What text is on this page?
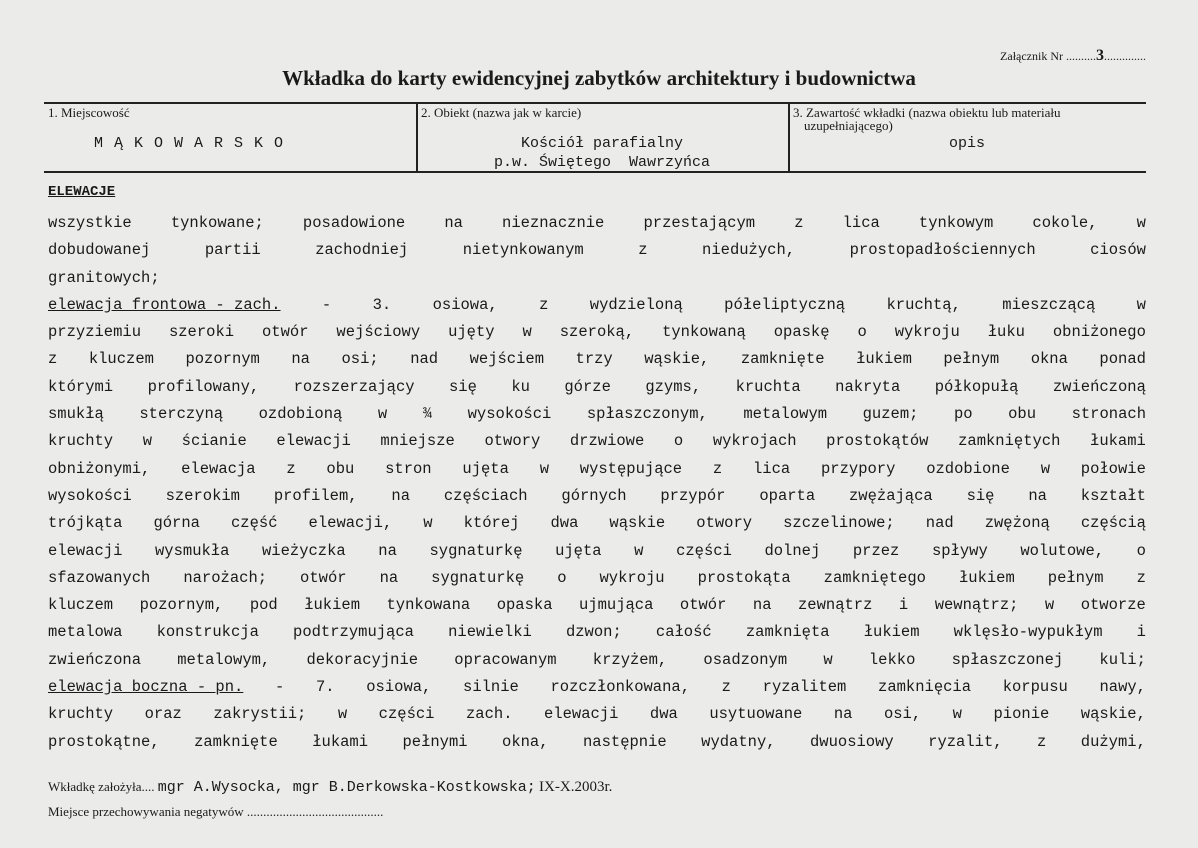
Załącznik Nr ..........3..............
Wkładka do karty ewidencyjnej zabytków architektury i budownictwa
1. Miejscowość
M Ą K O W A R S K O
2. Obiekt (nazwa jak w karcie)
Kościół parafialny
p.w. Świętego  Wawrzyńca
3. Zawartość wkładki (nazwa obiektu lub materiału
uzupełniającego)
opis
ELEWACJE
wszystkie	tynkowane;	posadowione	na	nieznacznie	przestającym	z	lica	tynkowym	cokole,	w
dobudowanej	partii	zachodniej	nietynkowanym	z	niedużych,	prostopadłościennych	ciosów
granitowych;
elewacja frontowa - zach.	-	3.	osiowa,	z	wydzieloną	półeliptyczną	kruchtą,	mieszczącą	w
przyziemiu szeroki otwór wejściowy ujęty w szeroką, tynkowaną opaskę o wykroju łuku obniżonego
z kluczem pozornym na osi; nad wejściem trzy wąskie, zamknięte łukiem pełnym okna ponad
którymi profilowany, rozszerzający się ku górze gzyms, kruchta nakryta półkopułą zwieńczoną
smukłą sterczyną ozdobioną w ¾ wysokości spłaszczonym, metalowym guzem; po obu stronach
kruchty w ścianie elewacji mniejsze otwory drzwiowe o wykrojach prostokątów zamkniętych łukami
obniżonymi, elewacja z obu stron ujęta w występujące z lica przypory ozdobione w połowie
wysokości szerokim profilem, na częściach górnych przypór oparta zwężająca się na kształt
trójkąta górna część elewacji, w której dwa wąskie otwory szczelinowe; nad zwężoną częścią
elewacji wysmukła wieżyczka na sygnaturkę ujęta w części dolnej przez spływy wolutowe, o
sfazowanych narożach; otwór na sygnaturkę o wykroju prostokąta zamkniętego łukiem pełnym z
kluczem pozornym, pod łukiem tynkowana opaska ujmująca otwór na zewnątrz i wewnątrz; w otworze
metalowa konstrukcja podtrzymująca niewielki dzwon; całość zamknięta łukiem wklęsło-wypukłym i
zwieńczona metalowym, dekoracyjnie opracowanym krzyżem, osadzonym w lekko spłaszczonej kuli;
elewacja boczna - pn. - 7. osiowa, silnie rozczłonkowana, z ryzalitem zamknięcia korpusu nawy,
kruchty oraz zakrystii; w części zach. elewacji dwa usytuowane na osi, w pionie wąskie,
prostokątne, zamknięte łukami pełnymi okna, następnie wydatny, dwuosiowy ryzalit, z dużymi,
Wkładkę założyła.... mgr A.Wysocka, mgr B.Derkowska-Kostkowska; IX-X.2003r.
Miejsce przechowywania negatywów ..........................................
